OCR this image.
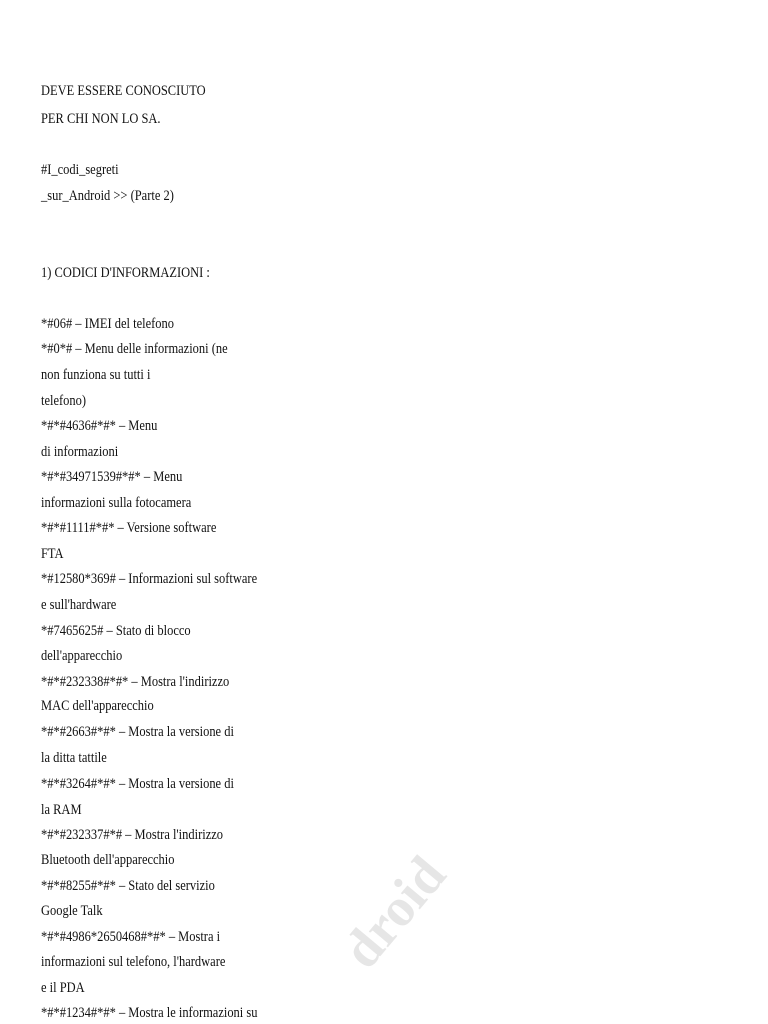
DEVE ESSERE CONOSCIUTO
PER CHI NON LO SA.
#I_codi_segreti
_sur_Android >> (Parte 2)
1) CODICI D'INFORMAZIONI :
*#06# – IMEI del telefono
*#0*# – Menu delle informazioni (ne
non funziona su tutti i
telefono)
*#*#4636#*#* – Menu
di informazioni
*#*#34971539#*#* – Menu
informazioni sulla fotocamera
*#*#1111#*#* – Versione software
FTA
*#12580*369# – Informazioni sul software
e sull'hardware
*#7465625# – Stato di blocco
dell'apparecchio
*#*#232338#*#* – Mostra l'indirizzo
MAC dell'apparecchio
*#*#2663#*#* – Mostra la versione di
la ditta tattile
*#*#3264#*#* – Mostra la versione di
la RAM
*#*#232337#*# – Mostra l'indirizzo
Bluetooth dell'apparecchio
*#*#8255#*#* – Stato del servizio
Google Talk
*#*#4986*2650468#*#* – Mostra i
informazioni sul telefono, l'hardware
e il PDA
*#*#1234#*#* – Mostra le informazioni su
droid
